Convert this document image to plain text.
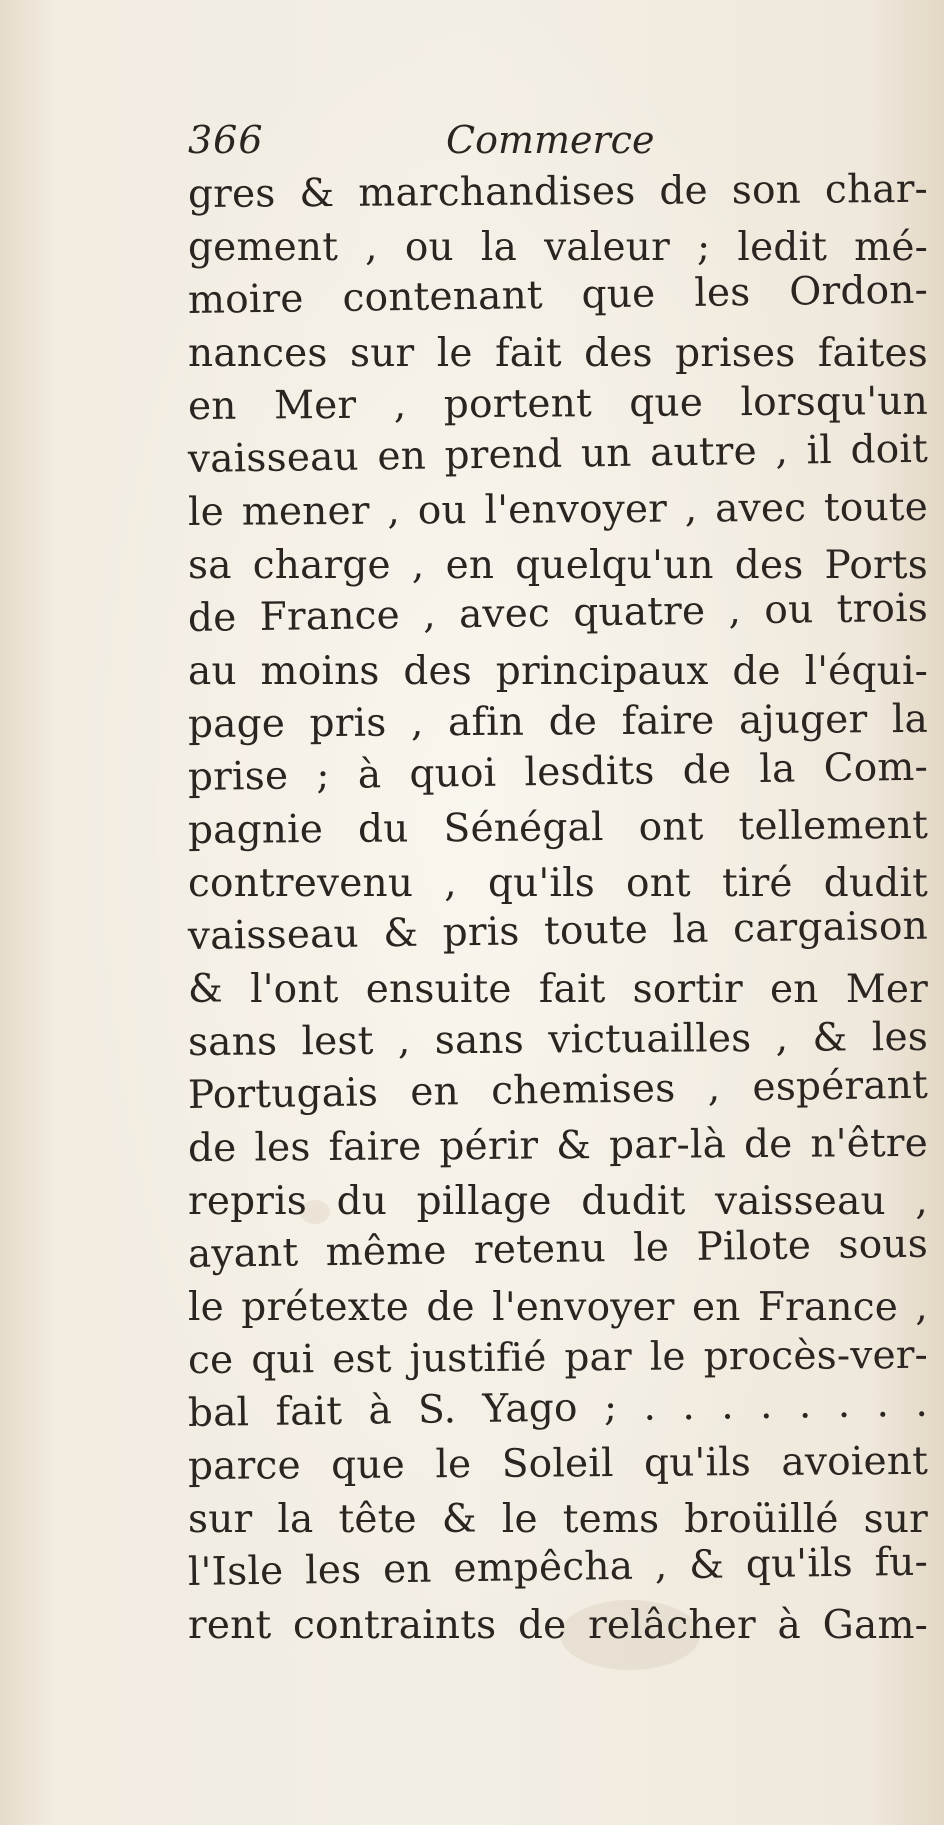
366	Commerce
gres & marchandises de son char-
gement , ou la valeur ; ledit mé-
moire contenant que les Ordon-
nances sur le fait des prises faites
en Mer , portent que lorsqu'un
vaisseau en prend un autre , il doit
le mener , ou l'envoyer , avec toute
sa charge , en quelqu'un des Ports
de France , avec quatre , ou trois
au moins des principaux de l'équi-
page pris , afin de faire ajuger la
prise ; à quoi lesdits de la Com-
pagnie du Sénégal ont tellement
contrevenu , qu'ils ont tiré dudit
vaisseau & pris toute la cargaison
& l'ont ensuite fait sortir en Mer
sans lest , sans victuailles , & les
Portugais en chemises , espérant
de les faire périr & par-là de n'être
repris du pillage dudit vaisseau ,
ayant même retenu le Pilote sous
le prétexte de l'envoyer en France ,
ce qui est justifié par le procès-ver-
bal fait à S. Yago ; . . . . . . . .
parce que le Soleil qu'ils avoient
sur la tête & le tems broüillé sur
l'Isle les en empêcha , & qu'ils fu-
rent contraints de relâcher à Gam-
